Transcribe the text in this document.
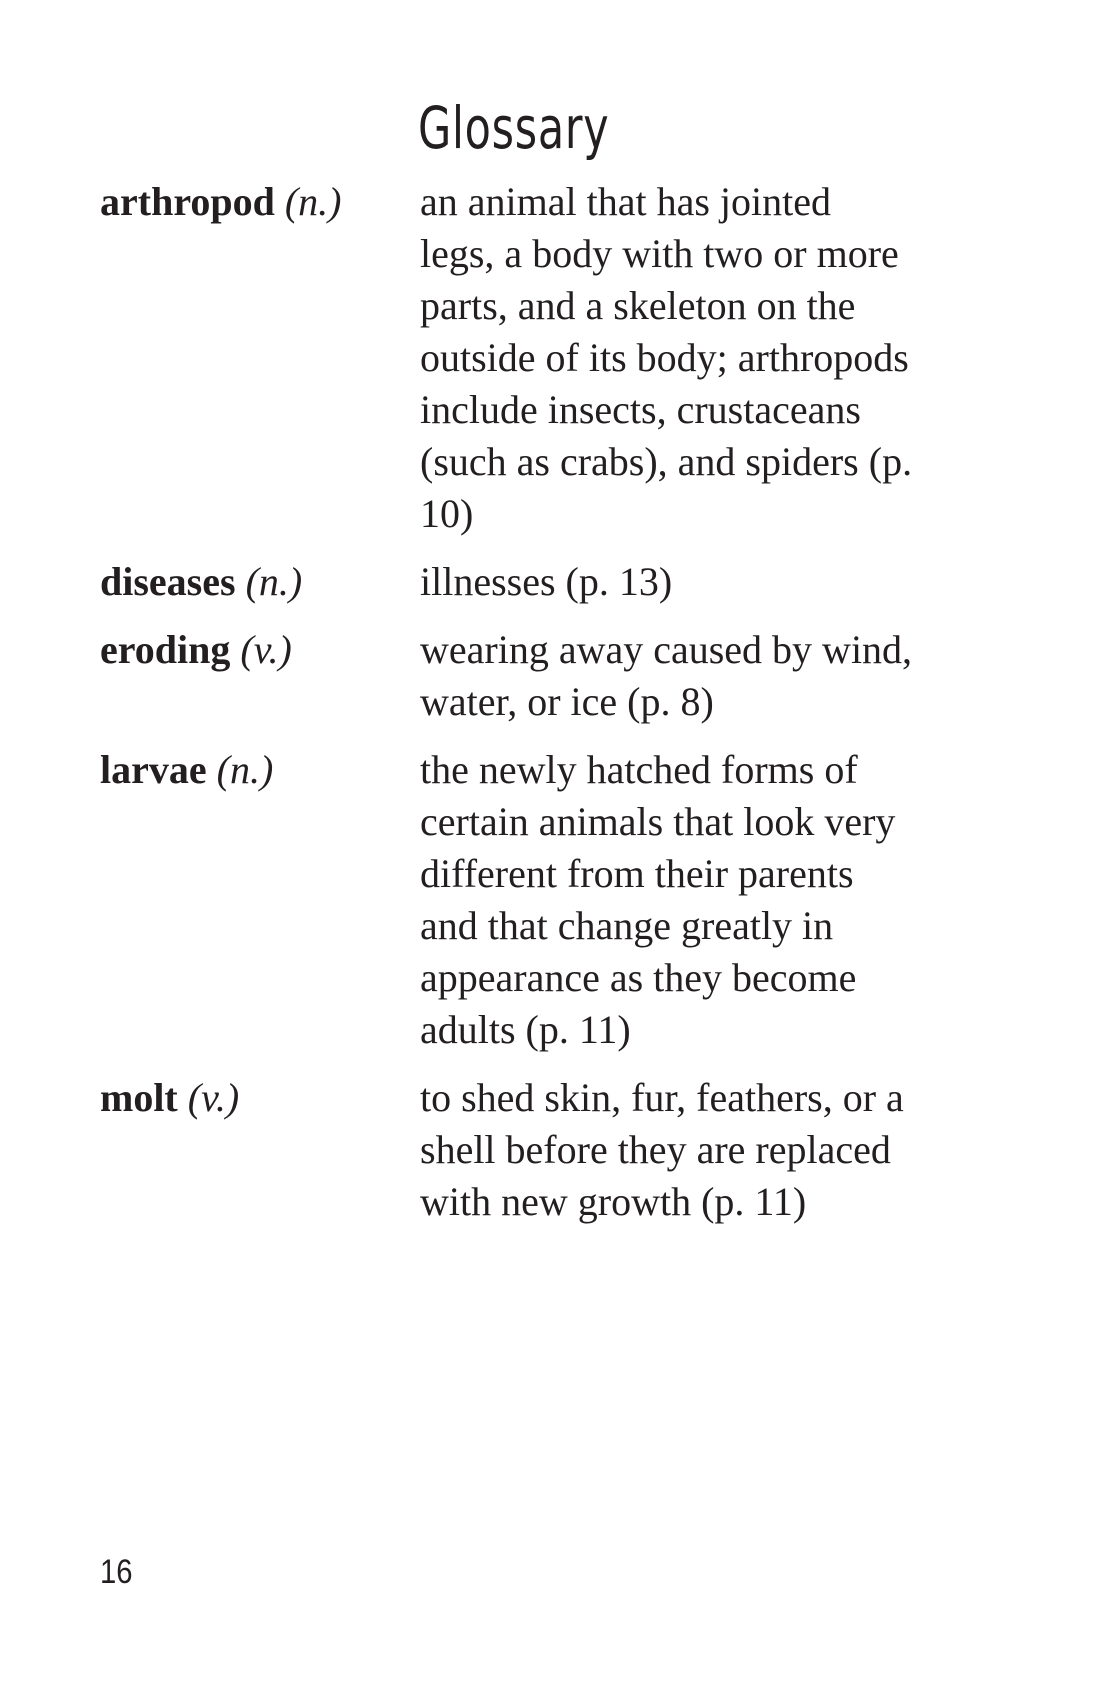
Glossary
arthropod (n.)	an animal that has jointed legs, a body with two or more parts, and a skeleton on the outside of its body; arthropods include insects, crustaceans (such as crabs), and spiders (p. 10)
diseases (n.)	illnesses (p. 13)
eroding (v.)	wearing away caused by wind, water, or ice (p. 8)
larvae (n.)	the newly hatched forms of certain animals that look very different from their parents and that change greatly in appearance as they become adults (p. 11)
molt (v.)	to shed skin, fur, feathers, or a shell before they are replaced with new growth (p. 11)
16
